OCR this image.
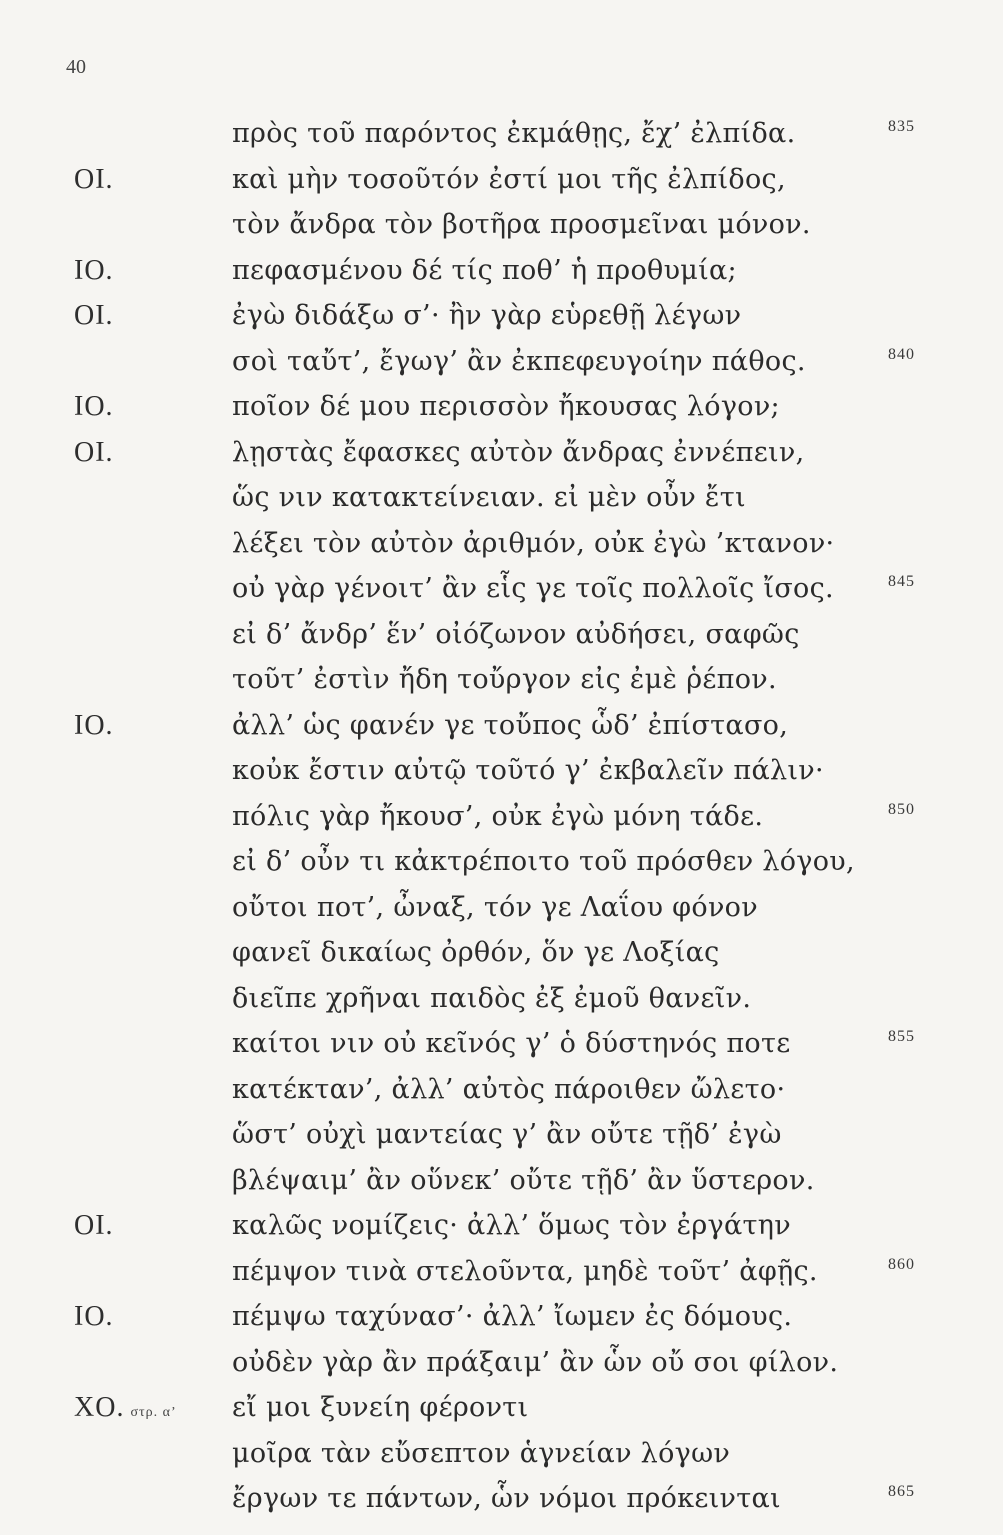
40
πρὸς τοῦ παρόντος ἐκμάθῃς, ἔχ’ ἐλπίδα.	835
ΟΙ.	καὶ μὴν τοσοῦτόν ἐστί μοι τῆς ἐλπίδος,
τὸν ἄνδρα τὸν βοτῆρα προσμεῖναι μόνον.
ΙΟ.	πεφασμένου δέ τίς ποθ’ ἡ προθυμία;
ΟΙ.	ἐγὼ διδάξω σ’· ἢν γὰρ εὑρεθῇ λέγων
σοὶ ταὔτ’, ἔγωγ’ ἂν ἐκπεφευγοίην πάθος.	840
ΙΟ.	ποῖον δέ μου περισσὸν ἤκουσας λόγον;
ΟΙ.	λῃστὰς ἔφασκες αὐτὸν ἄνδρας ἐννέπειν,
ὥς νιν κατακτείνειαν. εἰ μὲν οὖν ἔτι
λέξει τὸν αὐτὸν ἀριθμόν, οὐκ ἐγὼ ’κτανον·
οὐ γὰρ γένοιτ’ ἂν εἷς γε τοῖς πολλοῖς ἴσος.	845
εἰ δ’ ἄνδρ’ ἕν’ οἰόζωνον αὐδήσει, σαφῶς
τοῦτ’ ἐστὶν ἤδη τοὔργον εἰς ἐμὲ ῥέπον.
ΙΟ.	ἀλλ’ ὡς φανέν γε τοὔπος ὧδ’ ἐπίστασο,
κοὐκ ἔστιν αὐτῷ τοῦτό γ’ ἐκβαλεῖν πάλιν·
πόλις γὰρ ἤκουσ’, οὐκ ἐγὼ μόνη τάδε.	850
εἰ δ’ οὖν τι κἀκτρέποιτο τοῦ πρόσθεν λόγου,
οὔτοι ποτ’, ὦναξ, τόν γε Λαΐου φόνον
φανεῖ δικαίως ὀρθόν, ὅν γε Λοξίας
διεῖπε χρῆναι παιδὸς ἐξ ἐμοῦ θανεῖν.
καίτοι νιν οὐ κεῖνός γ’ ὁ δύστηνός ποτε	855
κατέκταν’, ἀλλ’ αὐτὸς πάροιθεν ὤλετο·
ὥστ’ οὐχὶ μαντείας γ’ ἂν οὔτε τῇδ’ ἐγὼ
βλέψαιμ’ ἂν οὕνεκ’ οὔτε τῇδ’ ἂν ὕστερον.
ΟΙ.	καλῶς νομίζεις· ἀλλ’ ὅμως τὸν ἐργάτην
πέμψον τινὰ στελοῦντα, μηδὲ τοῦτ’ ἀφῇς.	860
ΙΟ.	πέμψω ταχύνασ’· ἀλλ’ ἴωμεν ἐς δόμους.
οὐδὲν γὰρ ἂν πράξαιμ’ ἂν ὧν οὔ σοι φίλον.
ΧΟ. στρ. α’ εἴ μοι ξυνείη φέροντι
μοῖρα τὰν εὔσεπτον ἁγνείαν λόγων
ἔργων τε πάντων, ὧν νόμοι πρόκεινται	865
